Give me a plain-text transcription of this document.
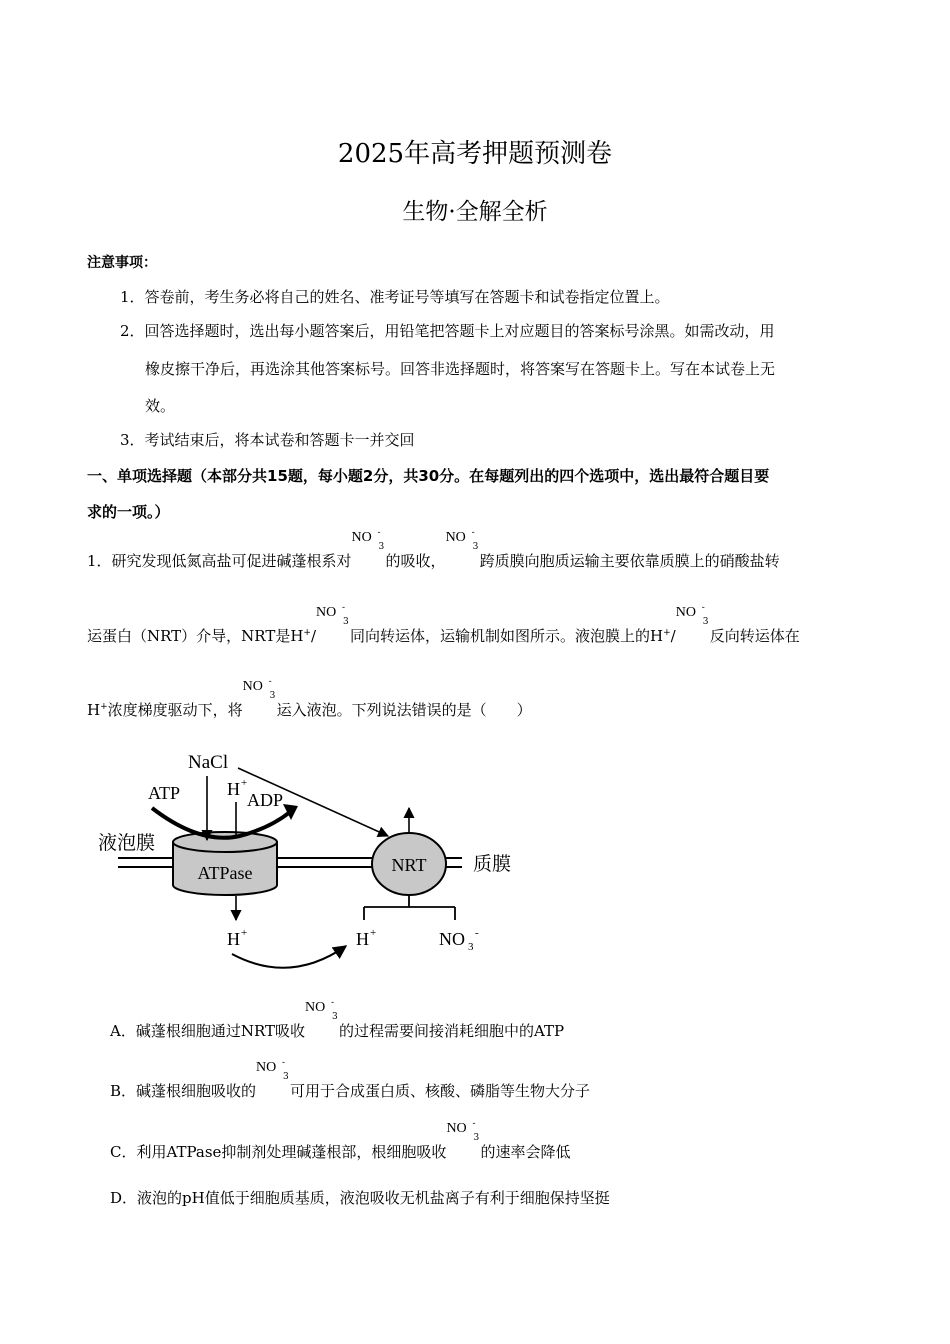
2025年高考押题预测卷
生物·全解全析
注意事项：
1．答卷前，考生务必将自己的姓名、准考证号等填写在答题卡和试卷指定位置上。
2．回答选择题时，选出每小题答案后，用铅笔把答题卡上对应题目的答案标号涂黑。如需改动，用
橡皮擦干净后，再选涂其他答案标号。回答非选择题时，将答案写在答题卡上。写在本试卷上无
效。
3．考试结束后，将本试卷和答题卡一并交回
一、单项选择题（本部分共15题，每小题2分，共30分。在每题列出的四个选项中，选出最符合题目要
求的一项。）
1．研究发现低氮高盐可促进碱蓬根系对
NO -
3
的吸收，
NO -
3
跨质膜向胞质运输主要依靠质膜上的硝酸盐转
运蛋白（NRT）介导，NRT是H+/
NO -
3
同向转运体，运输机制如图所示。液泡膜上的H+/
NO -
3
反向转运体在
H+浓度梯度驱动下，将
NO -
3
运入液泡。下列说法错误的是（　　）
ATPase	NRT
NaCl
ATP	H +
ADP
液泡膜
质膜
H +	H +	NO 3
-
A．碱蓬根细胞通过NRT吸收
NO -
3
的过程需要间接消耗细胞中的ATP
B．碱蓬根细胞吸收的
NO -
3
可用于合成蛋白质、核酸、磷脂等生物大分子
C．利用ATPase抑制剂处理碱蓬根部，根细胞吸收
NO -
3
的速率会降低
D．液泡的pH值低于细胞质基质，液泡吸收无机盐离子有利于细胞保持坚挺
